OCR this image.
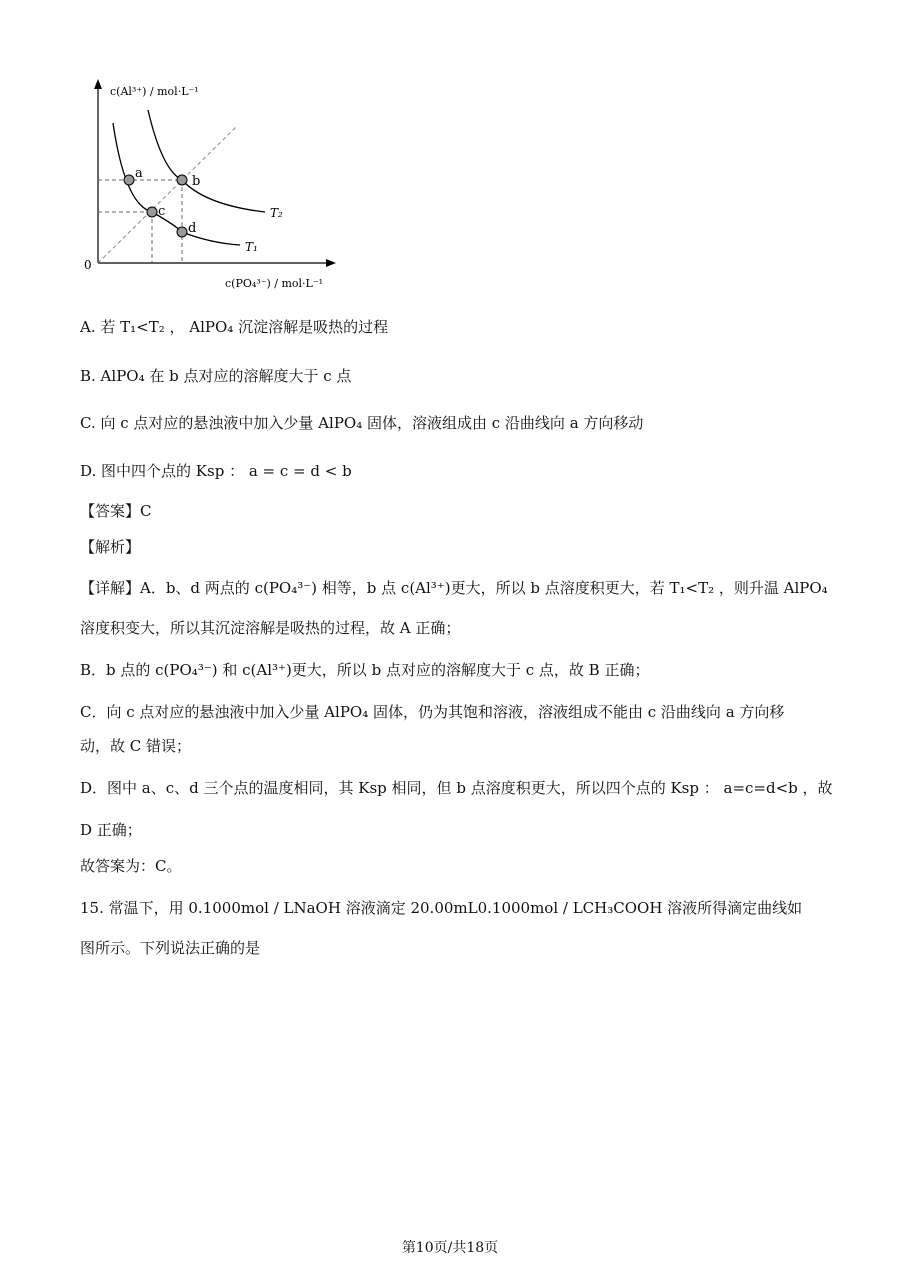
a
b
c
d
T₂
T₁
0
c(Al³⁺) / mol·L⁻¹
c(PO₄³⁻) / mol·L⁻¹
A. 若 T₁<T₂ ， AlPO₄ 沉淀溶解是吸热的过程
B. AlPO₄ 在 b 点对应的溶解度大于 c 点
C. 向 c 点对应的悬浊液中加入少量 AlPO₄ 固体，溶液组成由 c 沿曲线向 a 方向移动
D. 图中四个点的 Ksp ： a = c = d < b
【答案】C
【解析】
【详解】A．b、d 两点的 c(PO₄³⁻) 相等，b 点 c(Al³⁺)更大，所以 b 点溶度积更大，若 T₁<T₂ ，则升温 AlPO₄
溶度积变大，所以其沉淀溶解是吸热的过程，故 A 正确；
B．b 点的 c(PO₄³⁻) 和 c(Al³⁺)更大，所以 b 点对应的溶解度大于 c 点，故 B 正确；
C．向 c 点对应的悬浊液中加入少量 AlPO₄ 固体，仍为其饱和溶液，溶液组成不能由 c 沿曲线向 a 方向移
动，故 C 错误；
D．图中 a、c、d 三个点的温度相同，其 Ksp 相同，但 b 点溶度积更大，所以四个点的 Ksp ： a=c=d<b ，故
D 正确；
故答案为：C。
15. 常温下，用 0.1000mol / LNaOH 溶液滴定 20.00mL0.1000mol / LCH₃COOH 溶液所得滴定曲线如
图所示。下列说法正确的是
第10页/共18页
